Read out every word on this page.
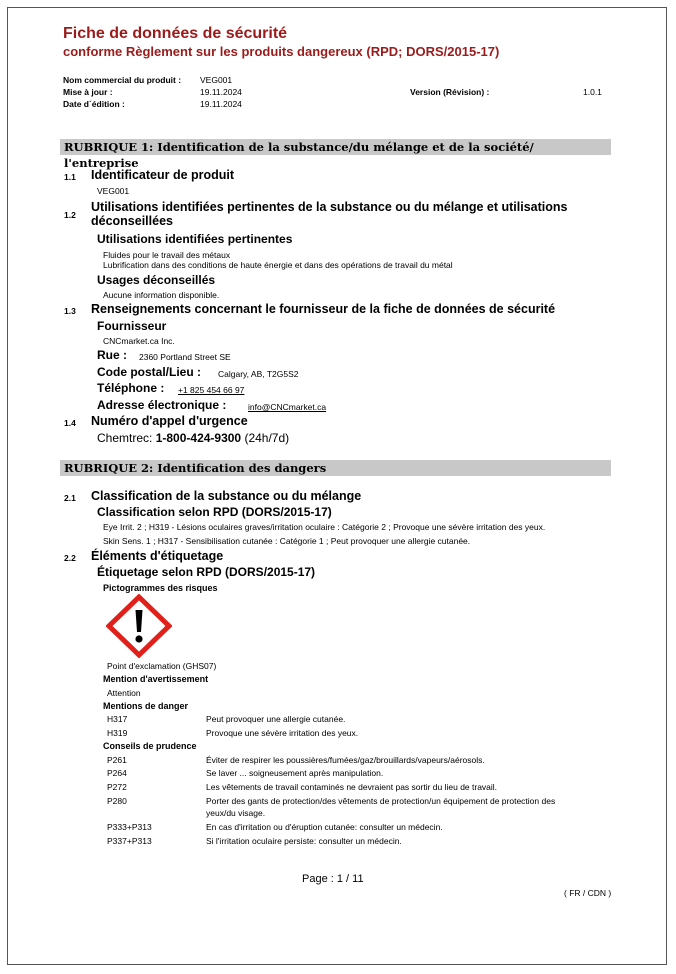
Fiche de données de sécurité
conforme Règlement sur les produits dangereux (RPD; DORS/2015-17)
Nom commercial du produit : VEG001
Mise à jour :	19.11.2024	Version (Révision) :	1.0.1
Date d´édition :	19.11.2024
RUBRIQUE 1: Identification de la substance/du mélange et de la société/ l'entreprise
1.1 Identificateur de produit
VEG001
1.2
Utilisations identifiées pertinentes de la substance ou du mélange et utilisations
déconseillées
Utilisations identifiées pertinentes
Fluides pour le travail des métaux
Lubrification dans des conditions de haute énergie et dans des opérations de travail du métal
Usages déconseillés
Aucune information disponible.
1.3 Renseignements concernant le fournisseur de la fiche de données de sécurité
Fournisseur
CNCmarket.ca Inc.
Rue : 2360 Portland Street SE
Code postal/Lieu : Calgary, AB, T2G5S2
Téléphone : +1 825 454 66 97
Adresse électronique :	info@CNCmarket.ca
1.4 Numéro d'appel d'urgence
Chemtrec: 1-800-424-9300 (24h/7d)
RUBRIQUE 2: Identification des dangers
2.1 Classification de la substance ou du mélange
Classification selon RPD (DORS/2015-17)
Eye Irrit. 2 ; H319 - Lésions oculaires graves/irritation oculaire : Catégorie 2 ; Provoque une sévère irritation des yeux.
Skin Sens. 1 ; H317 - Sensibilisation cutanée : Catégorie 1 ; Peut provoquer une allergie cutanée.
2.2 Éléments d'étiquetage
Étiquetage selon RPD (DORS/2015-17)
Pictogrammes des risques
Point d'exclamation (GHS07)
Mention d'avertissement
Attention
Mentions de danger
H317	Peut provoquer une allergie cutanée.
H319	Provoque une sévère irritation des yeux.
Conseils de prudence
P261	Éviter de respirer les poussières/fumées/gaz/brouillards/vapeurs/aérosols.
P264	Se laver ... soigneusement après manipulation.
P272	Les vêtements de travail contaminés ne devraient pas sortir du lieu de travail.
P280	Porter des gants de protection/des vêtements de protection/un équipement de protection des
yeux/du visage.
P333+P313	En cas d'irritation ou d'éruption cutanée: consulter un médecin.
P337+P313	Si l'irritation oculaire persiste: consulter un médecin.
Page : 1 / 11
( FR / CDN )
